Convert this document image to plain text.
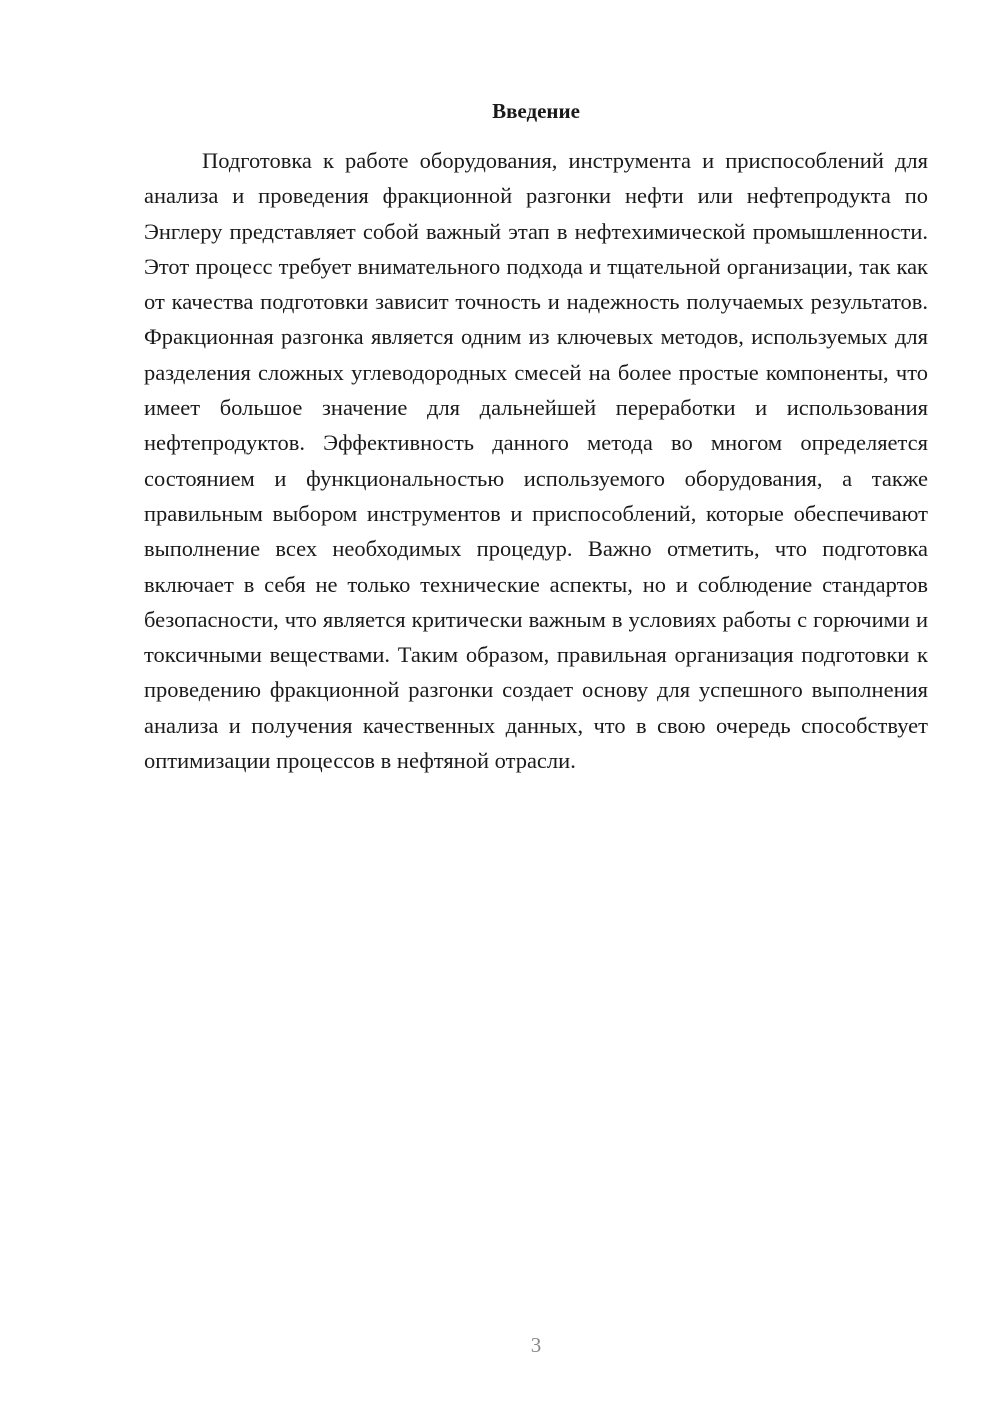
Введение

Подготовка к работе оборудования, инструмента и приспособлений для анализа и проведения фракционной разгонки нефти или нефтепродукта по Энглеру представляет собой важный этап в нефтехимической промышленности. Этот процесс требует внимательного подхода и тщательной организации, так как от качества подготовки зависит точность и надежность получаемых результатов. Фракционная разгонка является одним из ключевых методов, используемых для разделения сложных углеводородных смесей на более простые компоненты, что имеет большое значение для дальнейшей переработки и использования нефтепродуктов. Эффективность данного метода во многом определяется состоянием и функциональностью используемого оборудования, а также правильным выбором инструментов и приспособлений, которые обеспечивают выполнение всех необходимых процедур. Важно отметить, что подготовка включает в себя не только технические аспекты, но и соблюдение стандартов безопасности, что является критически важным в условиях работы с горючими и токсичными веществами. Таким образом, правильная организация подготовки к проведению фракционной разгонки создает основу для успешного выполнения анализа и получения качественных данных, что в свою очередь способствует оптимизации процессов в нефтяной отрасли.

3
